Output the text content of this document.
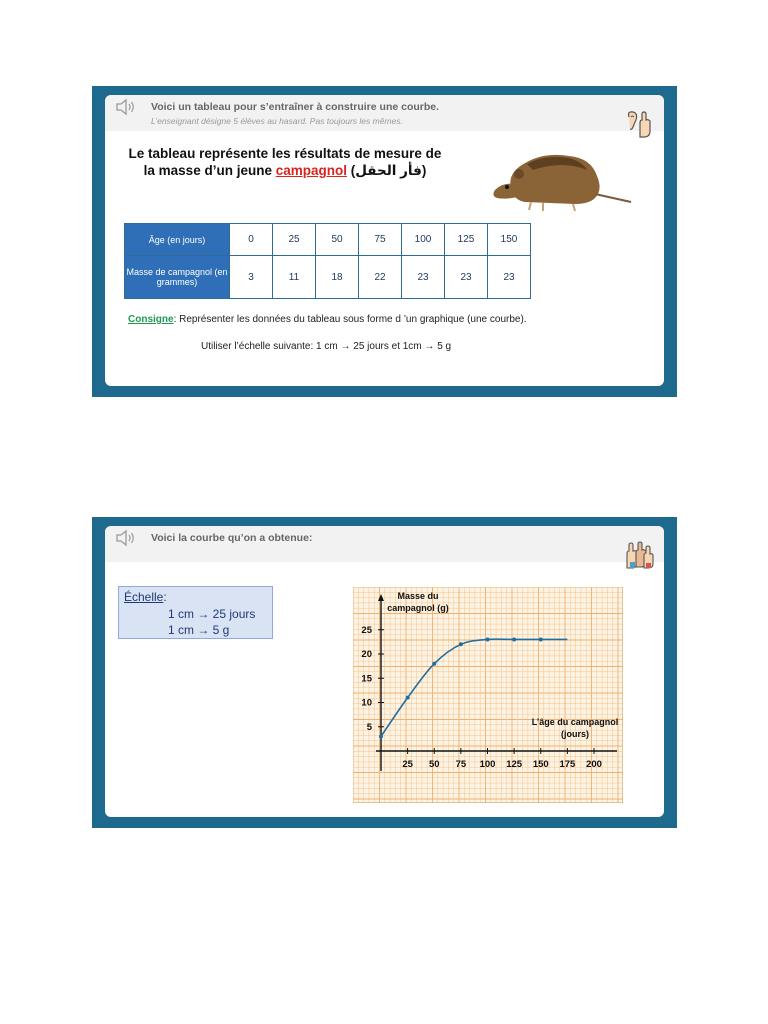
Voici un tableau pour s’entraîner à construire une courbe.
L’enseignant désigne 5 élèves au hasard. Pas toujours les mêmes.
Le tableau représente les résultats de mesure de
la masse d’un jeune campagnol (فأر الحقل)
Âge (en jours)	0	25	50	75	100	125	150
Masse de campagnol (en grammes)	3	11	18	22	23	23	23
Consigne: Représenter les données du tableau sous forme d ’un graphique (une courbe).
Utiliser l’échelle suivante: 1 cm → 25 jours et 1cm → 5 g
Voici la courbe qu’on a obtenue:
Échelle:
1 cm → 25 jours
1 cm → 5 g
5
10
15
20
25
25 50 75 100 125 150 175 200
Masse du
campagnol (g)
L’âge du campagnol
(jours)
